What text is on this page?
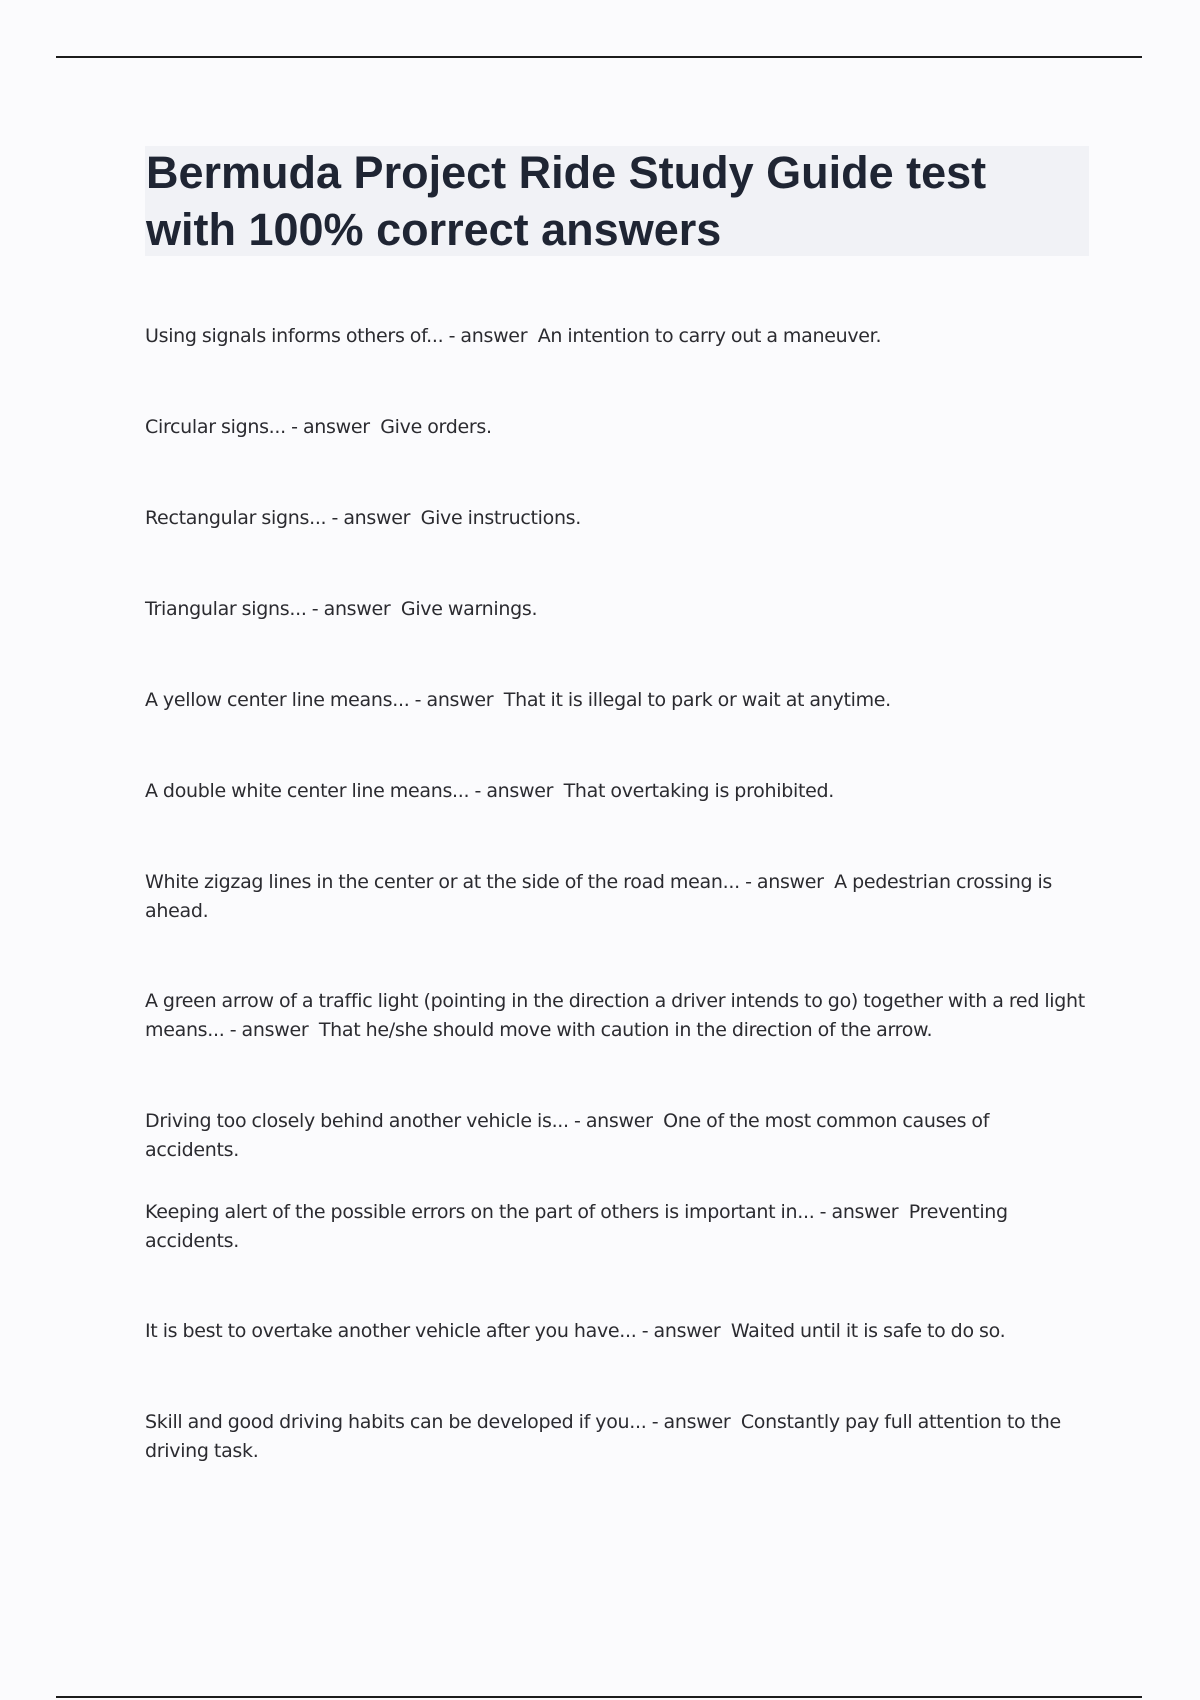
Bermuda Project Ride Study Guide test with 100% correct answers

Using signals informs others of... - answer  An intention to carry out a maneuver.

Circular signs... - answer  Give orders.

Rectangular signs... - answer  Give instructions.

Triangular signs... - answer  Give warnings.

A yellow center line means... - answer  That it is illegal to park or wait at anytime.

A double white center line means... - answer  That overtaking is prohibited.

White zigzag lines in the center or at the side of the road mean... - answer  A pedestrian crossing is ahead.

A green arrow of a traffic light (pointing in the direction a driver intends to go) together with a red light means... - answer  That he/she should move with caution in the direction of the arrow.

Driving too closely behind another vehicle is... - answer  One of the most common causes of accidents.

Keeping alert of the possible errors on the part of others is important in... - answer  Preventing accidents.

It is best to overtake another vehicle after you have... - answer  Waited until it is safe to do so.

Skill and good driving habits can be developed if you... - answer  Constantly pay full attention to the driving task.
